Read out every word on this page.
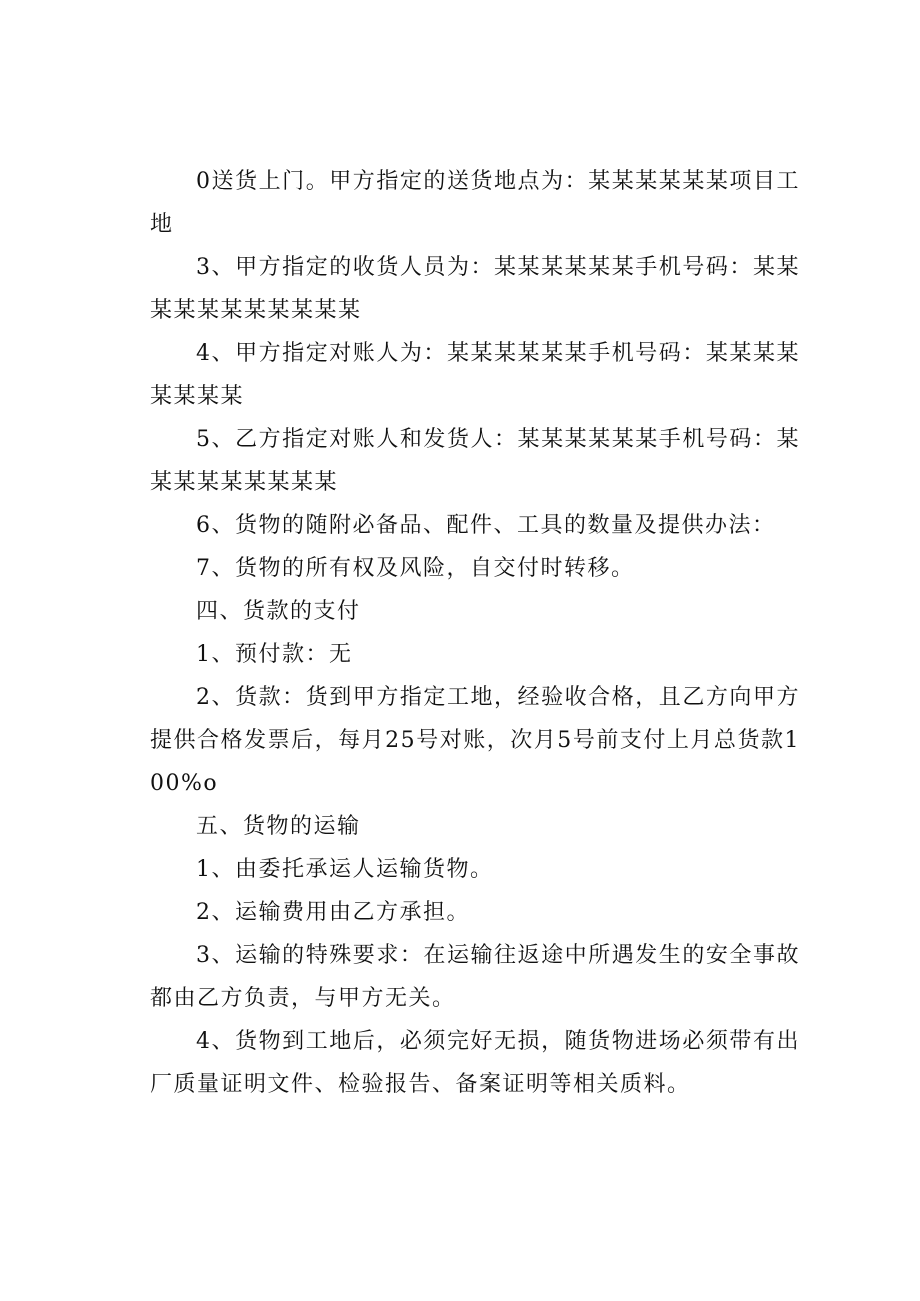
0送货上门。甲方指定的送货地点为：某某某某某某项目工地

3、甲方指定的收货人员为：某某某某某某手机号码：某某某某某某某某某某某

4、甲方指定对账人为：某某某某某某手机号码：某某某某某某某某

5、乙方指定对账人和发货人：某某某某某某手机号码：某某某某某某某某某

6、货物的随附必备品、配件、工具的数量及提供办法：

7、货物的所有权及风险，自交付时转移。

四、货款的支付

1、预付款：无

2、货款：货到甲方指定工地，经验收合格，且乙方向甲方提供合格发票后，每月25号对账，次月5号前支付上月总货款100%o

五、货物的运输

1、由委托承运人运输货物。

2、运输费用由乙方承担。

3、运输的特殊要求：在运输往返途中所遇发生的安全事故都由乙方负责，与甲方无关。

4、货物到工地后，必须完好无损，随货物进场必须带有出厂质量证明文件、检验报告、备案证明等相关质料。
